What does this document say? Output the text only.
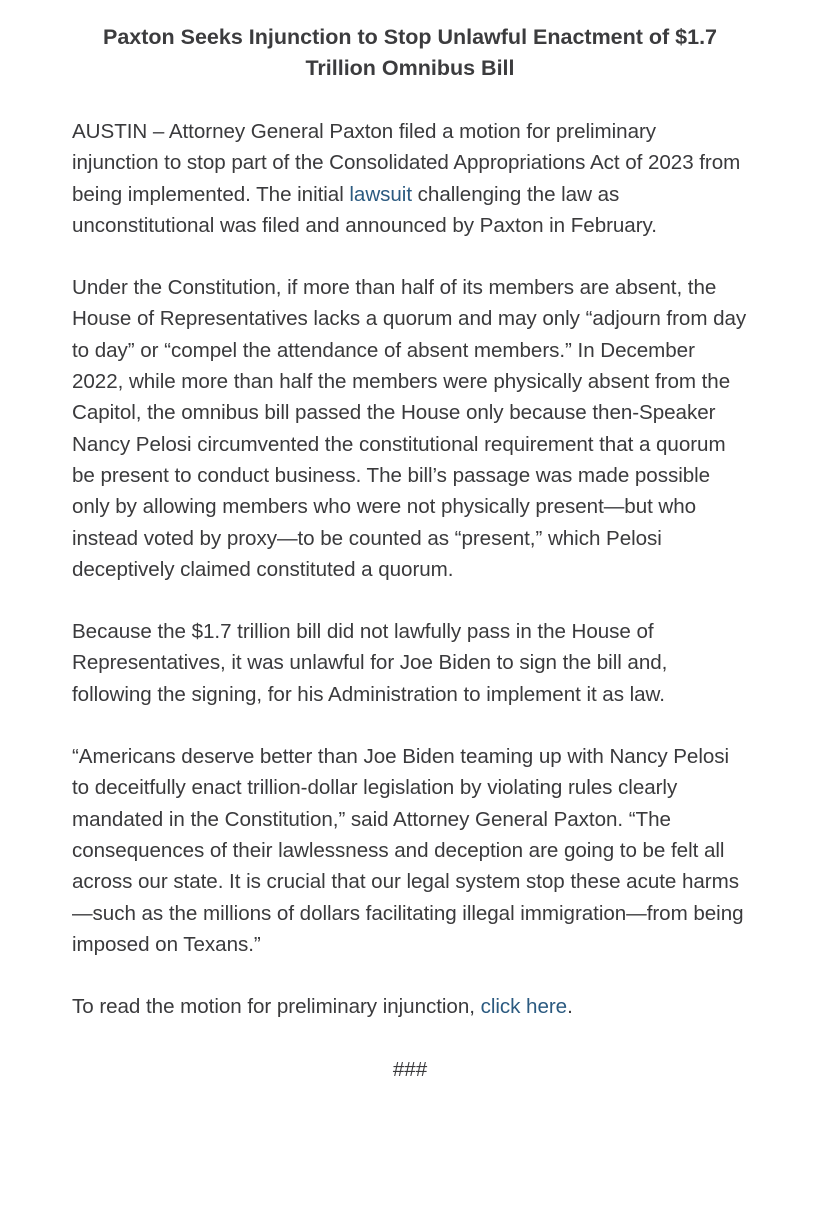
Paxton Seeks Injunction to Stop Unlawful Enactment of $1.7 Trillion Omnibus Bill

AUSTIN – Attorney General Paxton filed a motion for preliminary injunction to stop part of the Consolidated Appropriations Act of 2023 from being implemented. The initial lawsuit challenging the law as unconstitutional was filed and announced by Paxton in February.

Under the Constitution, if more than half of its members are absent, the House of Representatives lacks a quorum and may only “adjourn from day to day” or “compel the attendance of absent members.” In December 2022, while more than half the members were physically absent from the Capitol, the omnibus bill passed the House only because then-Speaker Nancy Pelosi circumvented the constitutional requirement that a quorum be present to conduct business. The bill’s passage was made possible only by allowing members who were not physically present—but who instead voted by proxy—to be counted as “present,” which Pelosi deceptively claimed constituted a quorum.

Because the $1.7 trillion bill did not lawfully pass in the House of Representatives, it was unlawful for Joe Biden to sign the bill and, following the signing, for his Administration to implement it as law.

“Americans deserve better than Joe Biden teaming up with Nancy Pelosi to deceitfully enact trillion-dollar legislation by violating rules clearly mandated in the Constitution,” said Attorney General Paxton. “The consequences of their lawlessness and deception are going to be felt all across our state. It is crucial that our legal system stop these acute harms—such as the millions of dollars facilitating illegal immigration—from being imposed on Texans.”

To read the motion for preliminary injunction, click here.

###
